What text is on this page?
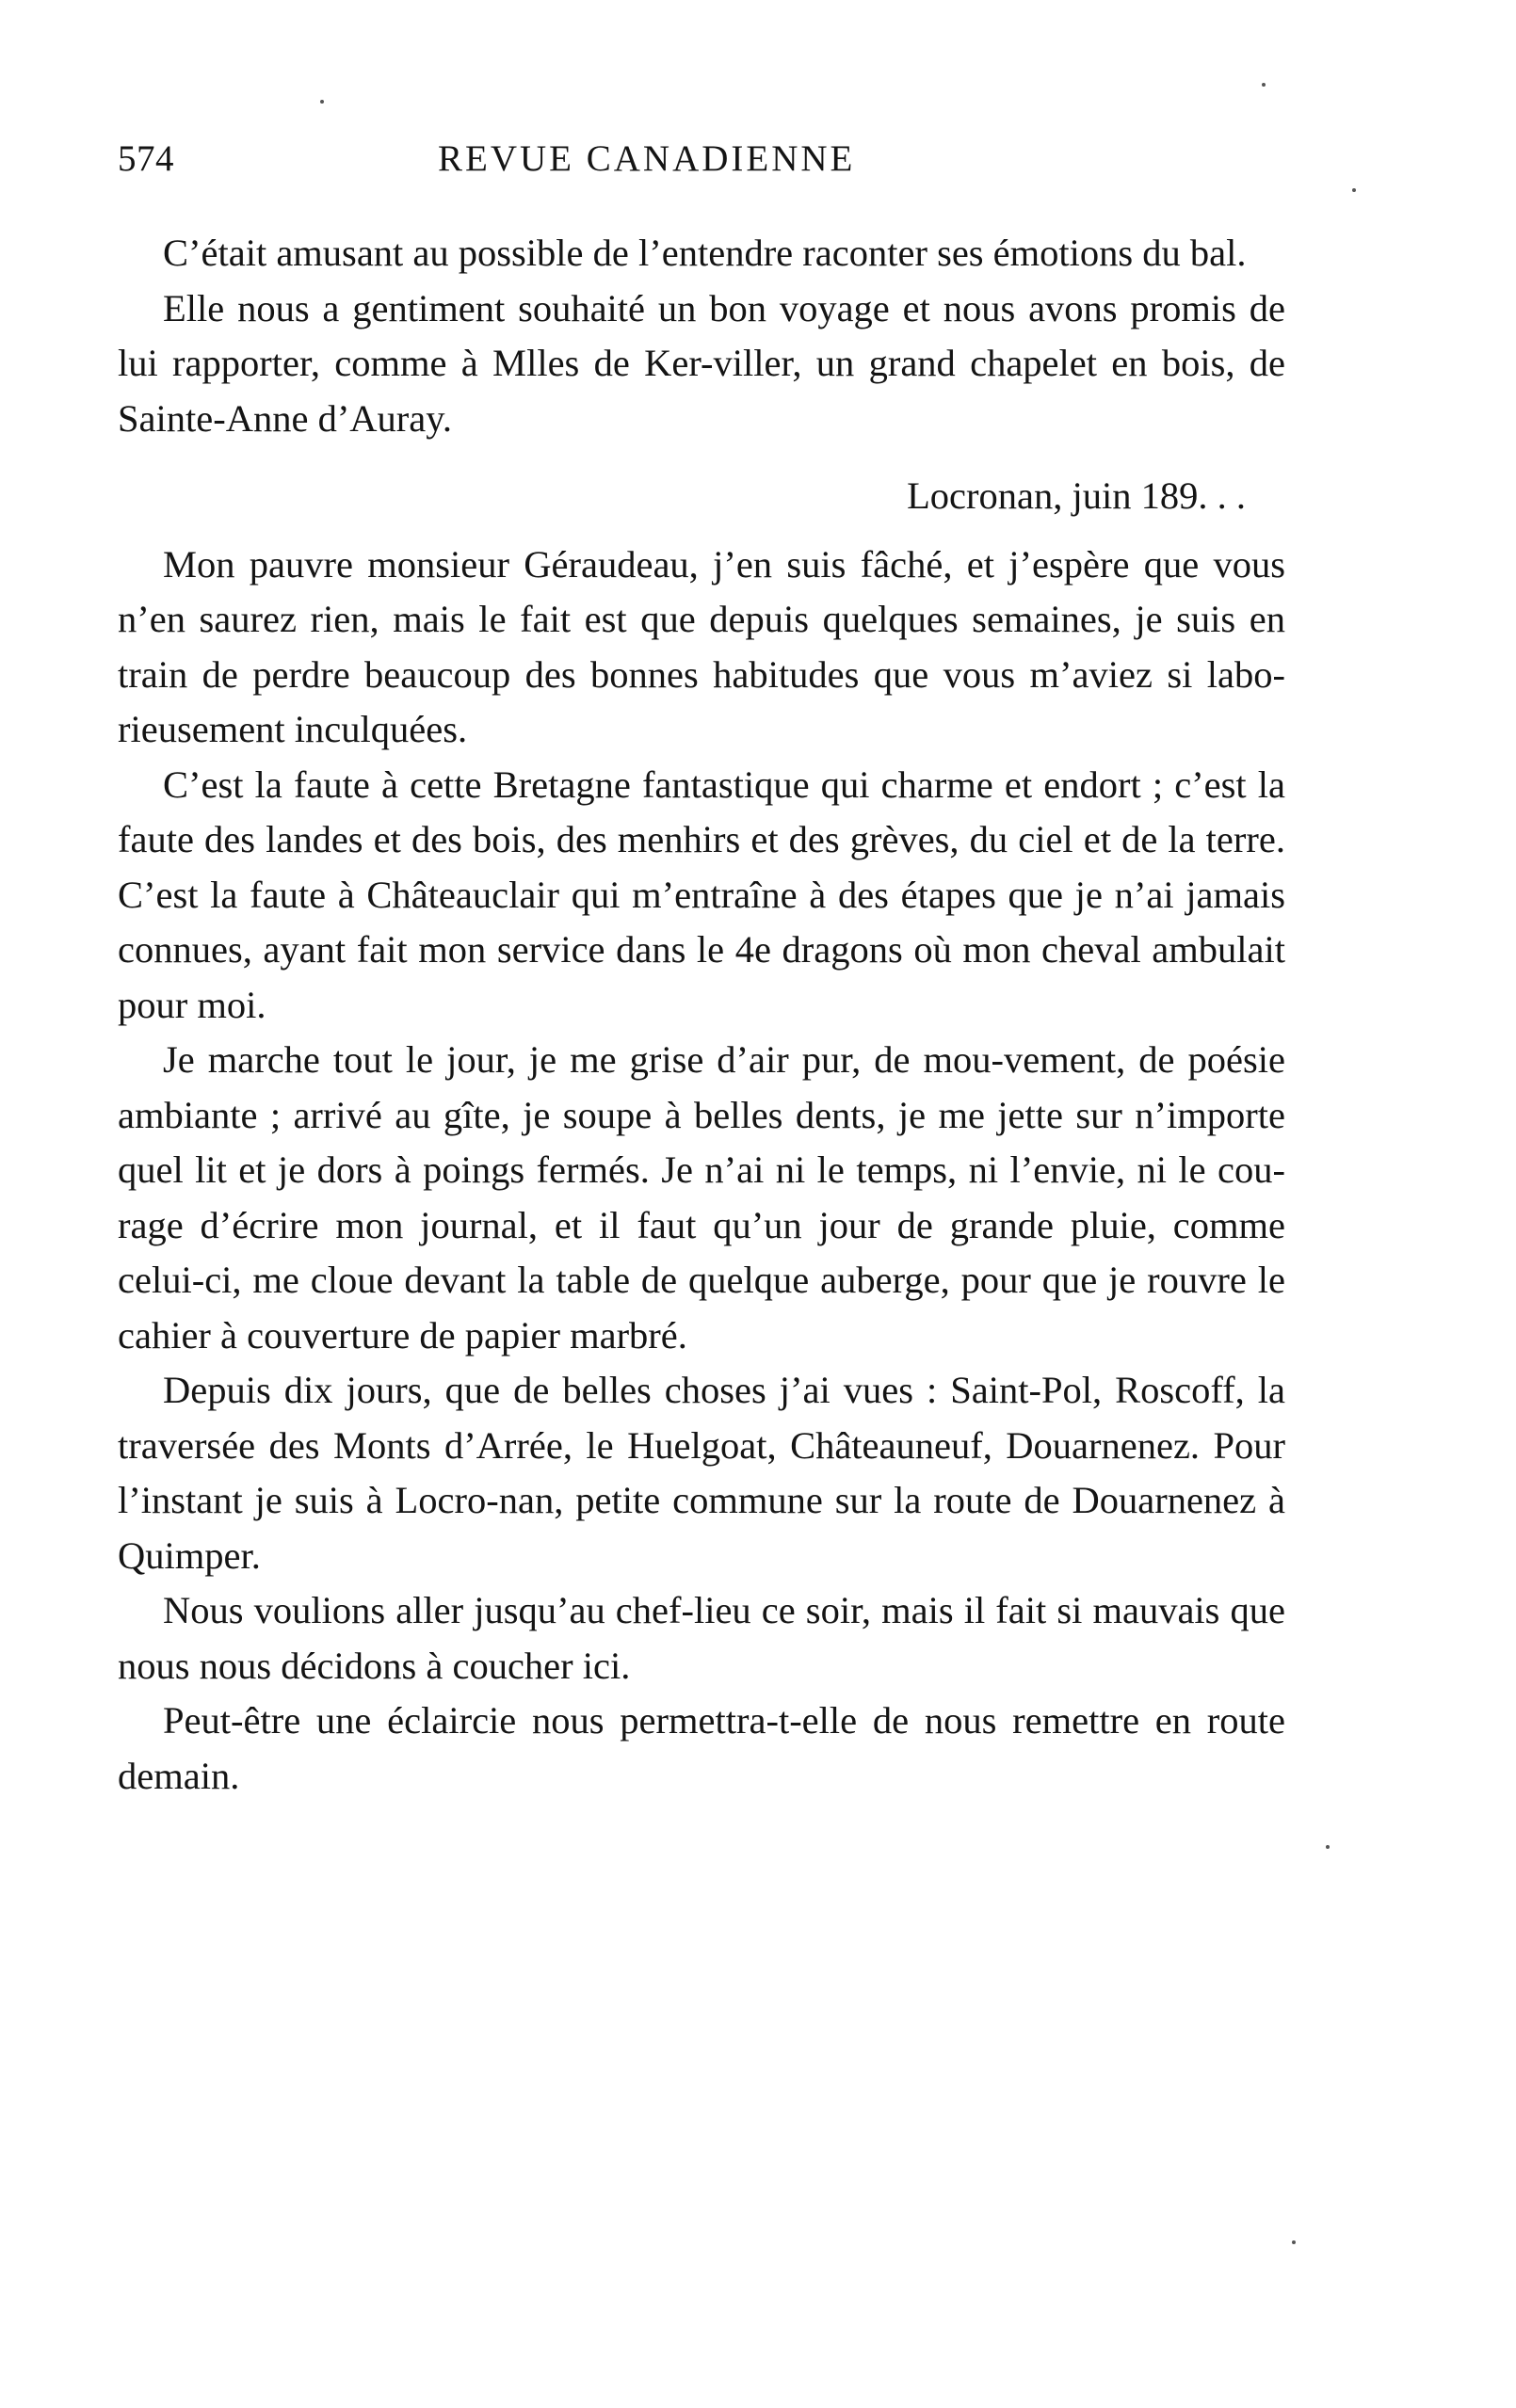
574	REVUE CANADIENNE

C’était amusant au possible de l’entendre raconter ses émotions du bal.

Elle nous a gentiment souhaité un bon voyage et nous avons promis de lui rapporter, comme à Mlles de Ker-viller, un grand chapelet en bois, de Sainte-Anne d’Auray.

Locronan, juin 189. . .

Mon pauvre monsieur Géraudeau, j’en suis fâché, et j’espère que vous n’en saurez rien, mais le fait est que depuis quelques semaines, je suis en train de perdre beaucoup des bonnes habitudes que vous m’aviez si labo-rieusement inculquées.

C’est la faute à cette Bretagne fantastique qui charme et endort ; c’est la faute des landes et des bois, des menhirs et des grèves, du ciel et de la terre. C’est la faute à Châteauclair qui m’entraîne à des étapes que je n’ai jamais connues, ayant fait mon service dans le 4e dragons où mon cheval ambulait pour moi.

Je marche tout le jour, je me grise d’air pur, de mou-vement, de poésie ambiante ; arrivé au gîte, je soupe à belles dents, je me jette sur n’importe quel lit et je dors à poings fermés. Je n’ai ni le temps, ni l’envie, ni le cou-rage d’écrire mon journal, et il faut qu’un jour de grande pluie, comme celui-ci, me cloue devant la table de quelque auberge, pour que je rouvre le cahier à couverture de papier marbré.

Depuis dix jours, que de belles choses j’ai vues : Saint-Pol, Roscoff, la traversée des Monts d’Arrée, le Huelgoat, Châteauneuf, Douarnenez. Pour l’instant je suis à Locro-nan, petite commune sur la route de Douarnenez à Quimper.

Nous voulions aller jusqu’au chef-lieu ce soir, mais il fait si mauvais que nous nous décidons à coucher ici.

Peut-être une éclaircie nous permettra-t-elle de nous remettre en route demain.
